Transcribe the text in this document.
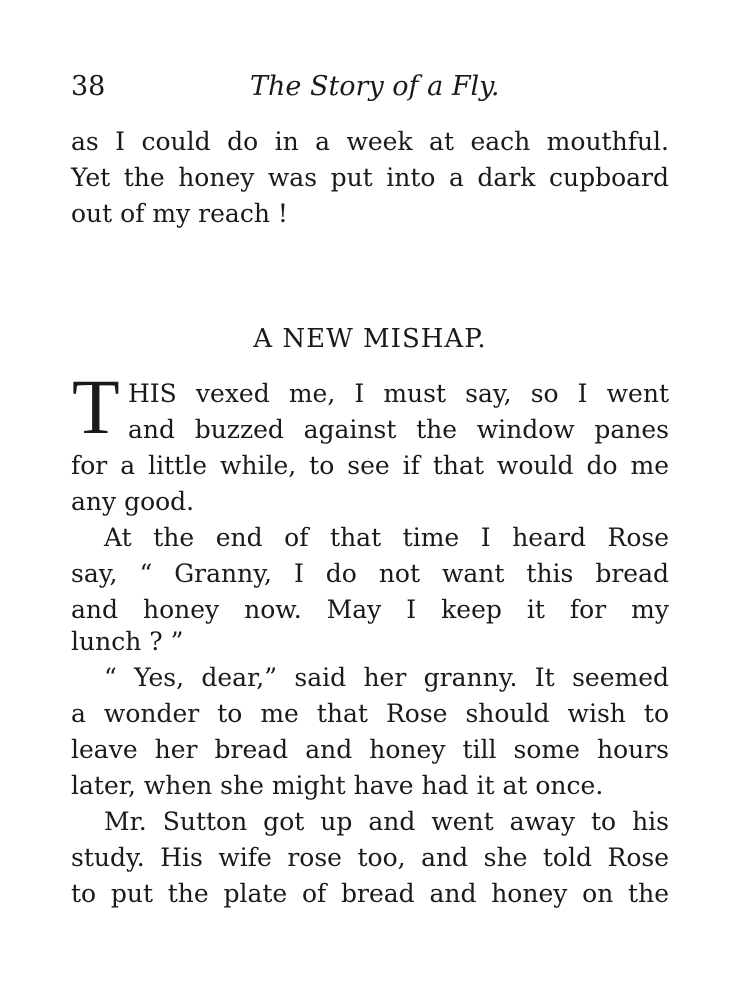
38	The Story of a Fly.
as I could do in a week at each mouthful.
Yet the honey was put into a dark cupboard
out of my reach !
A NEW MISHAP.
T HIS vexed me, I must say, so I went
and buzzed against the window panes
for a little while, to see if that would do me
any good.
At the end of that time I heard Rose
say, “ Granny, I do not want this bread
and honey now. May I keep it for my
lunch ? ”
“ Yes, dear,” said her granny. It seemed
a wonder to me that Rose should wish to
leave her bread and honey till some hours
later, when she might have had it at once.
Mr. Sutton got up and went away to his
study. His wife rose too, and she told Rose
to put the plate of bread and honey on the
